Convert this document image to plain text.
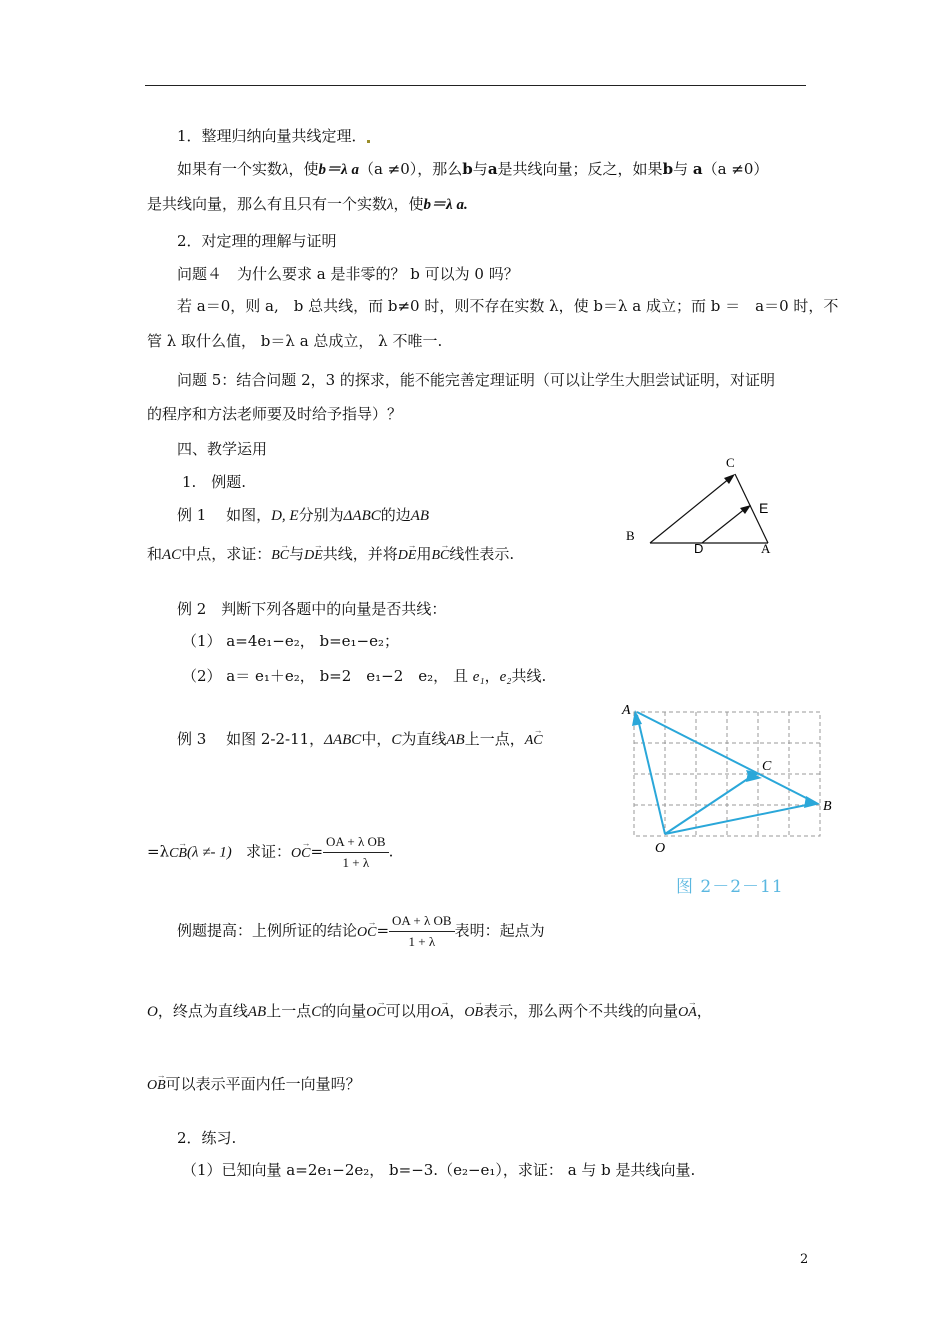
1．整理归纳向量共线定理．
如果有一个实数λ，使b＝λ a（a ≠0），那么b与a是共线向量；反之，如果b与 a（a ≠0）
是共线向量，那么有且只有一个实数λ，使b＝λ a.
2．对定理的理解与证明
问题４　为什么要求 a 是非零的？ b 可以为 0 吗？
若 a＝0，则 a,　b 总共线，而 b≠0 时，则不存在实数 λ，使 b＝λ a 成立；而 b ＝　a＝0 时，不
管 λ 取什么值， b＝λ a 总成立， λ 不唯一.
问题 5：结合问题 2，3 的探求，能不能完善定理证明（可以让学生大胆尝试证明，对证明
的程序和方法老师要及时给予指导）？
四、教学运用
1.　例题.
例 1　 如图，D, E分别为ΔABC的边AB
和AC中点，求证：→ BC与→ DE共线，并将→ DE用→ BC线性表示.
C
E
B
D	A
例 2　判断下列各题中的向量是否共线：
（1） a=4e₁−e₂， b=e₁−e₂；
（2） a＝ e₁＋e₂， b=2　e₁−2　e₂， 且 e₁，e₂共线.
例 3　 如图 2-2-11，ΔABC中，C为直线AB上一点，→ AC
=λ→ CB(λ ≠- 1) 求证：→ $OC= \frac{\text{OA + λ OB}}{1 + \lambda}$ .
A
B
C
O
图 2－2－11
例题提高：上例所证的结论→ $OC= \frac{\text{OA + λ OB}}{1 + \lambda}$ 表明：起点为
O，终点为直线AB上一点C的向量→ OC可以用→ OA，→ OB表示，那么两个不共线的向量→ OA，
→ OB可以表示平面内任一向量吗？
2．练习.
（1）已知向量 a=2e₁−2e₂， b=−3.（e₂−e₁），求证： a 与 b 是共线向量.
2
